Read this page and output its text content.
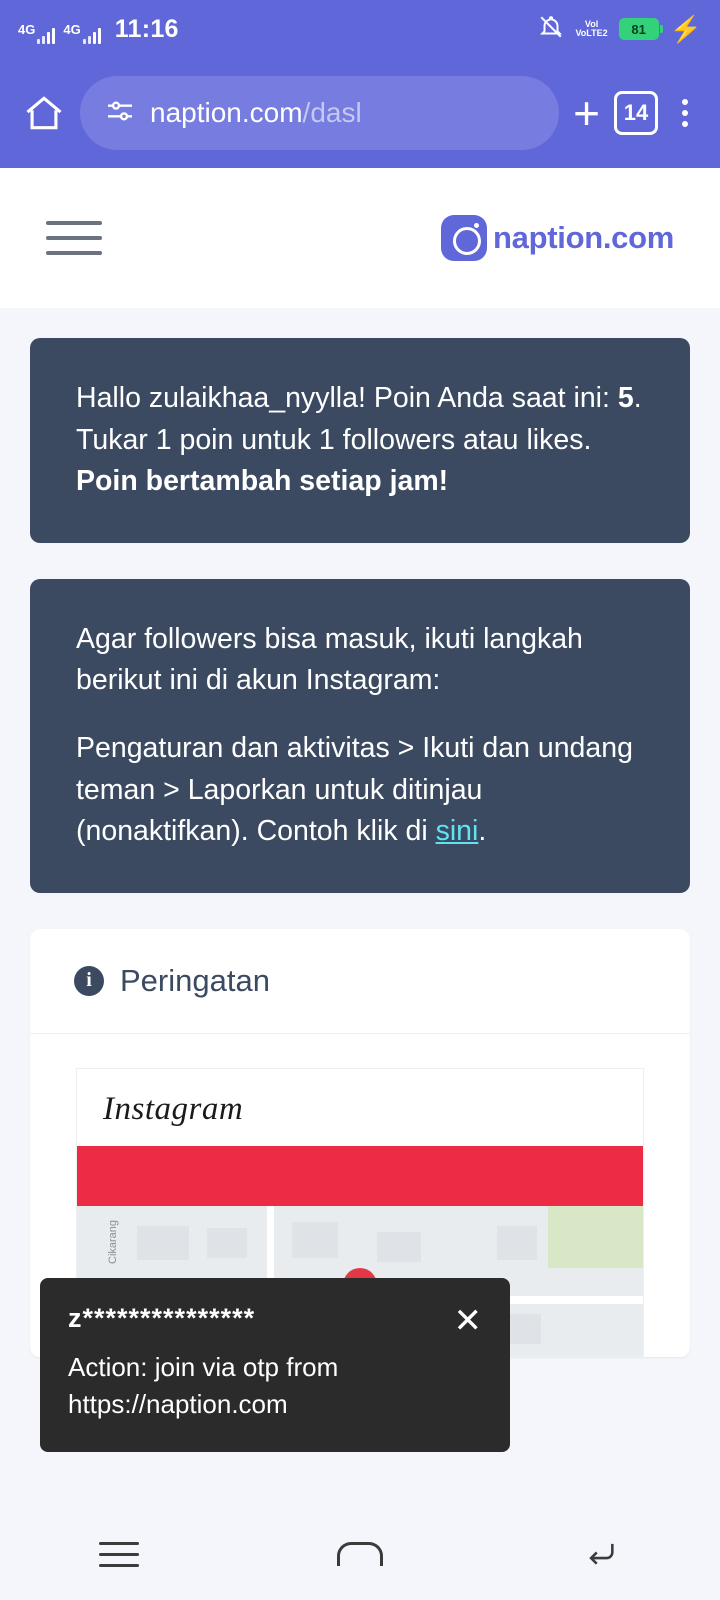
4G 4G 11:16	Vol
VoLTE2	81 ⚡
naption.com/dasl	+	14
naption.com

Hallo zulaikhaa_nyylla! Poin Anda saat ini: 5. Tukar 1 poin untuk 1 followers atau likes. Poin bertambah setiap jam!

Agar followers bisa masuk, ikuti langkah berikut ini di akun Instagram:

Pengaturan dan aktivitas > Ikuti dan undang teman > Laporkan untuk ditinjau (nonaktifkan). Contoh klik di sini.

i Peringatan
Instagram
Cikarang
z***************	✕
Action: join via otp from
https://naption.com
